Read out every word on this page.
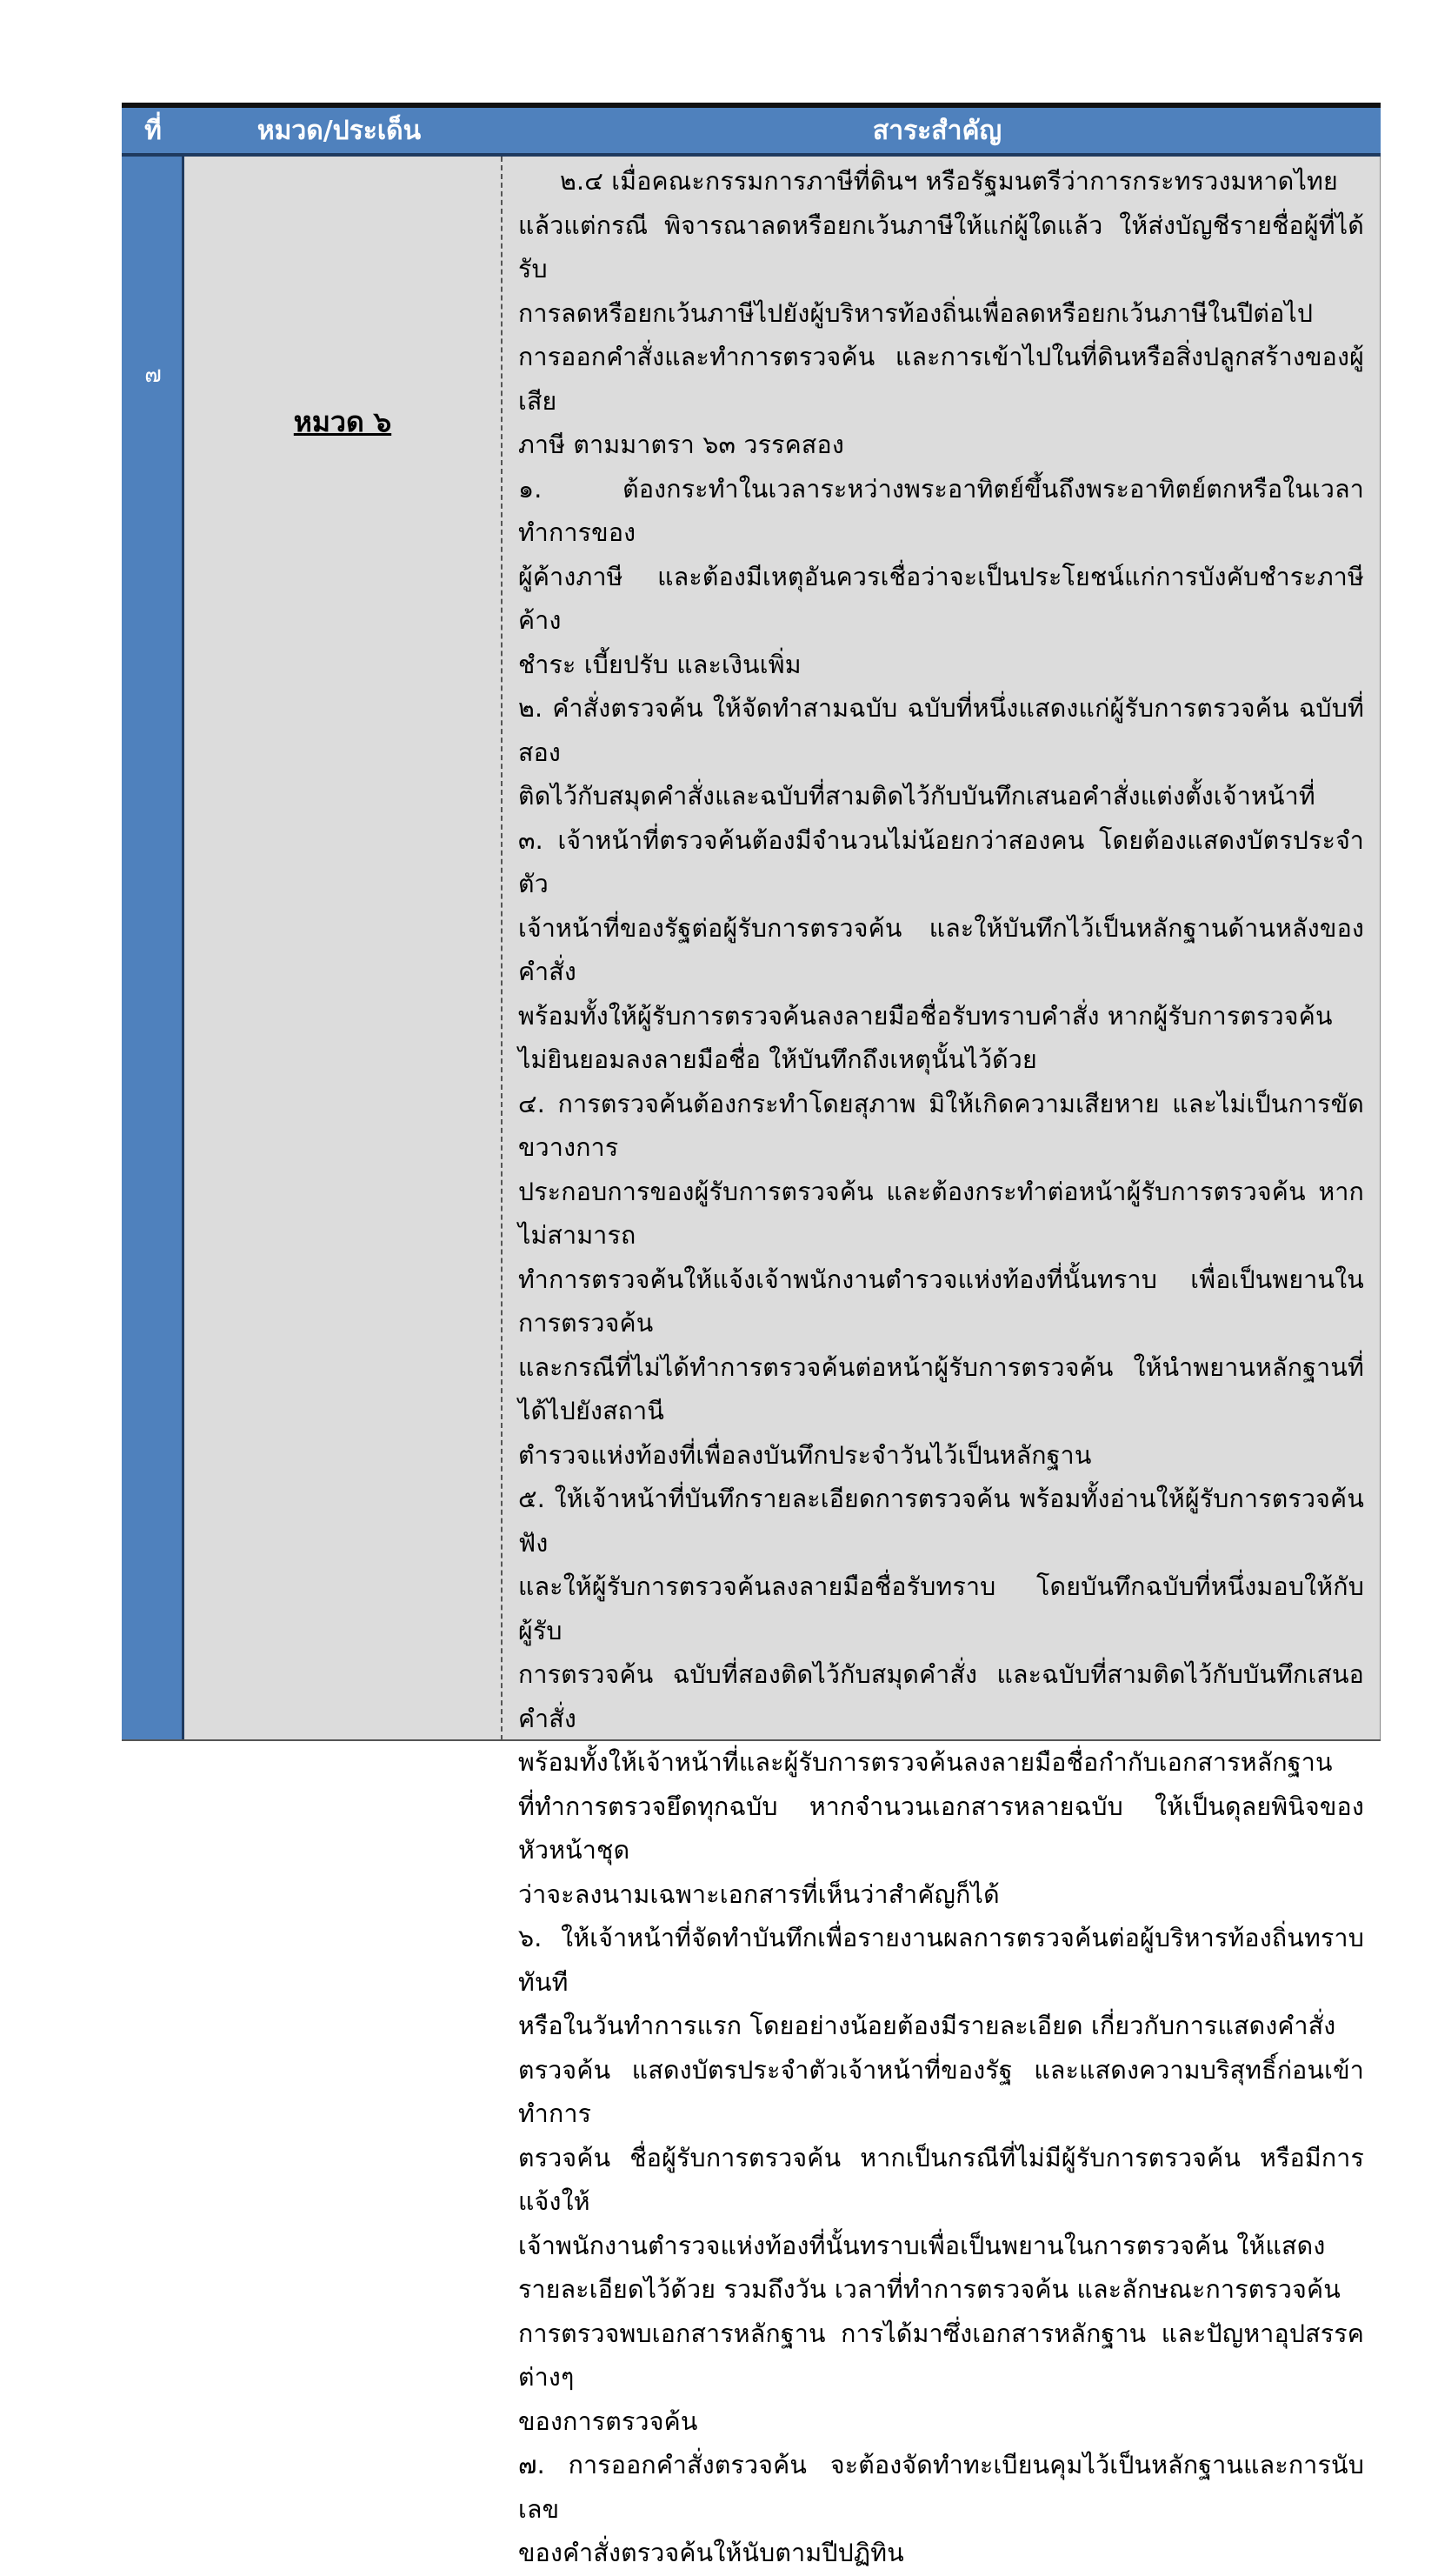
ที่	หมวด/ประเด็น	สาระสำคัญ
๗
หมวด ๖

๒.๔ เมื่อคณะกรรมการภาษีที่ดินฯ หรือรัฐมนตรีว่าการกระทรวงมหาดไทย
แล้วแต่กรณี พิจารณาลดหรือยกเว้นภาษีให้แก่ผู้ใดแล้ว ให้ส่งบัญชีรายชื่อผู้ที่ได้รับ
การลดหรือยกเว้นภาษีไปยังผู้บริหารท้องถิ่นเพื่อลดหรือยกเว้นภาษีในปีต่อไป
การออกคำสั่งและทำการตรวจค้น และการเข้าไปในที่ดินหรือสิ่งปลูกสร้างของผู้เสีย
ภาษี ตามมาตรา ๖๓ วรรคสอง

๑. ต้องกระทำในเวลาระหว่างพระอาทิตย์ขึ้นถึงพระอาทิตย์ตกหรือในเวลาทำการของ
ผู้ค้างภาษี และต้องมีเหตุอันควรเชื่อว่าจะเป็นประโยชน์แก่การบังคับชำระภาษีค้าง
ชำระ เบี้ยปรับ และเงินเพิ่ม

๒. คำสั่งตรวจค้น ให้จัดทำสามฉบับ ฉบับที่หนึ่งแสดงแก่ผู้รับการตรวจค้น ฉบับที่สอง
ติดไว้กับสมุดคำสั่งและฉบับที่สามติดไว้กับบันทึกเสนอคำสั่งแต่งตั้งเจ้าหน้าที่

๓. เจ้าหน้าที่ตรวจค้นต้องมีจำนวนไม่น้อยกว่าสองคน โดยต้องแสดงบัตรประจำตัว
เจ้าหน้าที่ของรัฐต่อผู้รับการตรวจค้น และให้บันทึกไว้เป็นหลักฐานด้านหลังของคำสั่ง
พร้อมทั้งให้ผู้รับการตรวจค้นลงลายมือชื่อรับทราบคำสั่ง หากผู้รับการตรวจค้น
ไม่ยินยอมลงลายมือชื่อ ให้บันทึกถึงเหตุนั้นไว้ด้วย

๔. การตรวจค้นต้องกระทำโดยสุภาพ มิให้เกิดความเสียหาย และไม่เป็นการขัดขวางการ
ประกอบการของผู้รับการตรวจค้น และต้องกระทำต่อหน้าผู้รับการตรวจค้น หากไม่สามารถ
ทำการตรวจค้นให้แจ้งเจ้าพนักงานตำรวจแห่งท้องที่นั้นทราบ เพื่อเป็นพยานในการตรวจค้น
และกรณีที่ไม่ได้ทำการตรวจค้นต่อหน้าผู้รับการตรวจค้น ให้นำพยานหลักฐานที่ได้ไปยังสถานี
ตำรวจแห่งท้องที่เพื่อลงบันทึกประจำวันไว้เป็นหลักฐาน

๕. ให้เจ้าหน้าที่บันทึกรายละเอียดการตรวจค้น พร้อมทั้งอ่านให้ผู้รับการตรวจค้นฟัง
และให้ผู้รับการตรวจค้นลงลายมือชื่อรับทราบ โดยบันทึกฉบับที่หนึ่งมอบให้กับผู้รับ
การตรวจค้น ฉบับที่สองติดไว้กับสมุดคำสั่ง และฉบับที่สามติดไว้กับบันทึกเสนอคำสั่ง
พร้อมทั้งให้เจ้าหน้าที่และผู้รับการตรวจค้นลงลายมือชื่อกำกับเอกสารหลักฐาน
ที่ทำการตรวจยึดทุกฉบับ หากจำนวนเอกสารหลายฉบับ ให้เป็นดุลยพินิจของหัวหน้าชุด
ว่าจะลงนามเฉพาะเอกสารที่เห็นว่าสำคัญก็ได้

๖. ให้เจ้าหน้าที่จัดทำบันทึกเพื่อรายงานผลการตรวจค้นต่อผู้บริหารท้องถิ่นทราบทันที
หรือในวันทำการแรก โดยอย่างน้อยต้องมีรายละเอียด เกี่ยวกับการแสดงคำสั่ง
ตรวจค้น แสดงบัตรประจำตัวเจ้าหน้าที่ของรัฐ และแสดงความบริสุทธิ์ก่อนเข้าทำการ
ตรวจค้น ชื่อผู้รับการตรวจค้น หากเป็นกรณีที่ไม่มีผู้รับการตรวจค้น หรือมีการแจ้งให้
เจ้าพนักงานตำรวจแห่งท้องที่นั้นทราบเพื่อเป็นพยานในการตรวจค้น ให้แสดง
รายละเอียดไว้ด้วย รวมถึงวัน เวลาที่ทำการตรวจค้น และลักษณะการตรวจค้น
การตรวจพบเอกสารหลักฐาน การได้มาซึ่งเอกสารหลักฐาน และปัญหาอุปสรรคต่างๆ
ของการตรวจค้น

๗. การออกคำสั่งตรวจค้น จะต้องจัดทำทะเบียนคุมไว้เป็นหลักฐานและการนับเลข
ของคำสั่งตรวจค้นให้นับตามปีปฏิทิน
